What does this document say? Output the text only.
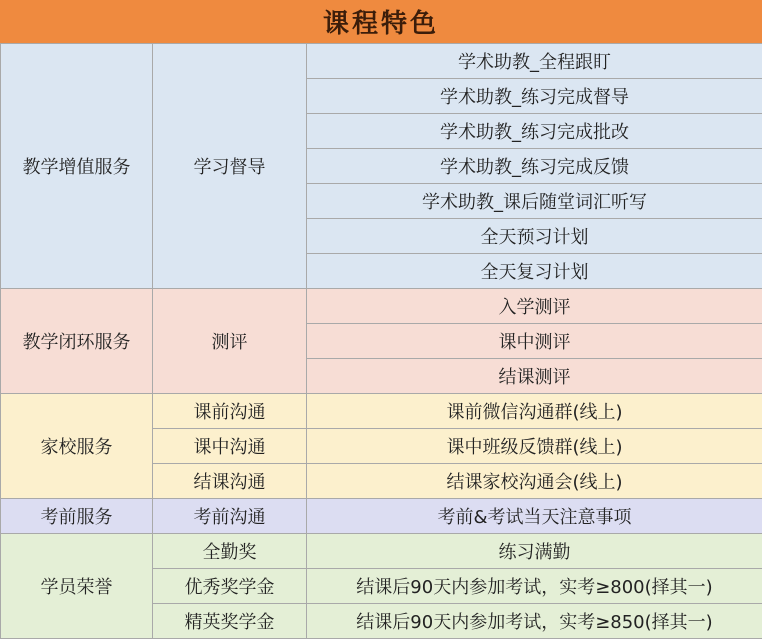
课程特色
教学增值服务	学习督导	学术助教_全程跟盯
		学术助教_练习完成督导
		学术助教_练习完成批改
		学术助教_练习完成反馈
		学术助教_课后随堂词汇听写
		全天预习计划
		全天复习计划
教学闭环服务	测评	入学测评
		课中测评
		结课测评
家校服务	课前沟通	课前微信沟通群(线上)
	课中沟通	课中班级反馈群(线上)
	结课沟通	结课家校沟通会(线上)
考前服务	考前沟通	考前&考试当天注意事项
学员荣誉	全勤奖	练习满勤
	优秀奖学金	结课后90天内参加考试，实考≥800(择其一)
	精英奖学金	结课后90天内参加考试，实考≥850(择其一)
